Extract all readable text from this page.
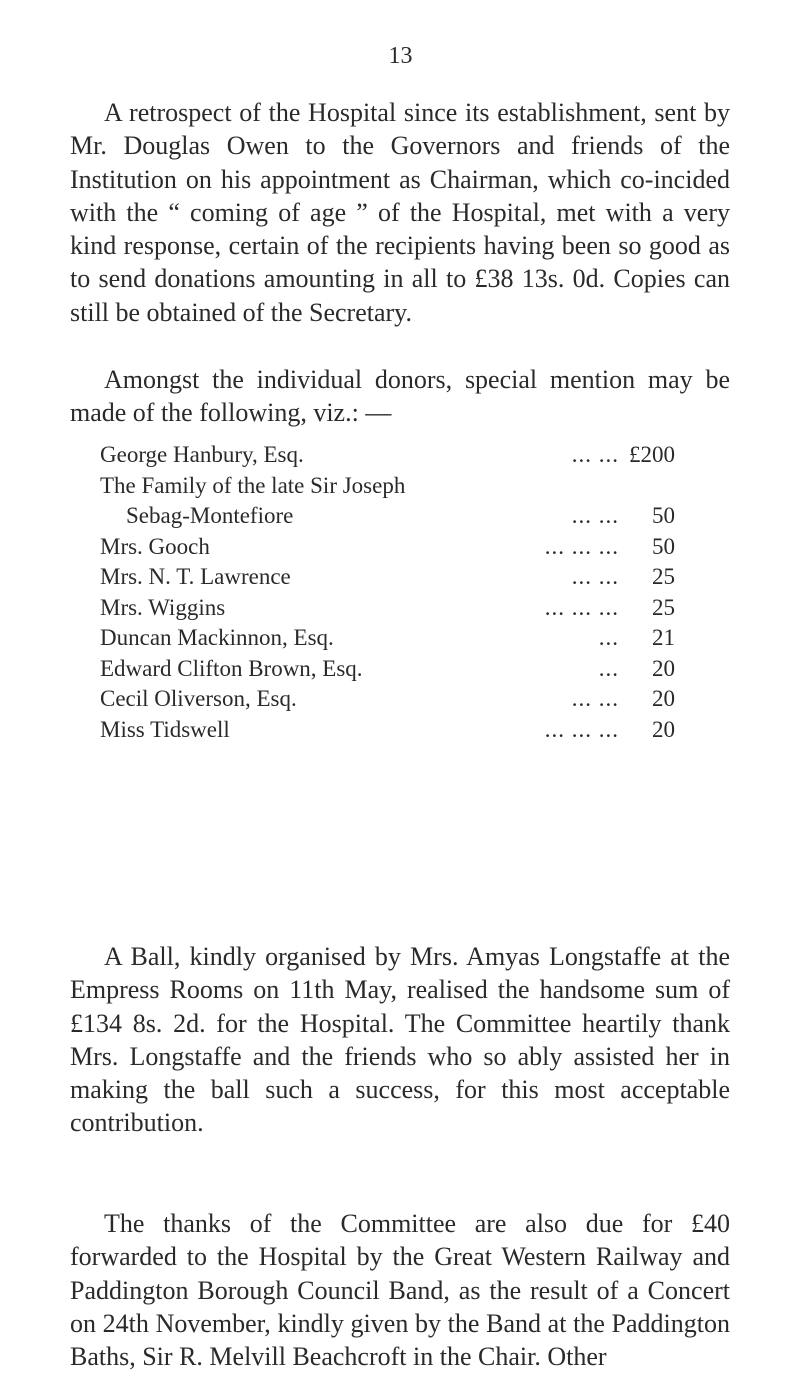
13

A retrospect of the Hospital since its establishment, sent by Mr. Douglas Owen to the Governors and friends of the Institution on his appointment as Chairman, which co-incided with the “ coming of age ” of the Hospital, met with a very kind response, certain of the recipients having been so good as to send donations amounting in all to £38 13s. 0d. Copies can still be obtained of the Secretary.

Amongst the individual donors, special mention may be made of the following, viz.: —

George Hanbury, Esq.	... ... £200
The Family of the late Sir Joseph
Sebag-Montefiore	... ...	50
Mrs. Gooch	... ... ...	50
Mrs. N. T. Lawrence	... ...	25
Mrs. Wiggins	... ... ...	25
Duncan Mackinnon, Esq.	...	21
Edward Clifton Brown, Esq.	...	20
Cecil Oliverson, Esq.	... ...	20
Miss Tidswell	... ... ...	20

A Ball, kindly organised by Mrs. Amyas Longstaffe at the Empress Rooms on 11th May, realised the handsome sum of £134 8s. 2d. for the Hospital. The Committee heartily thank Mrs. Longstaffe and the friends who so ably assisted her in making the ball such a success, for this most acceptable contribution.

The thanks of the Committee are also due for £40 forwarded to the Hospital by the Great Western Railway and Paddington Borough Council Band, as the result of a Concert on 24th November, kindly given by the Band at the Paddington Baths, Sir R. Melvill Beachcroft in the Chair. Other
